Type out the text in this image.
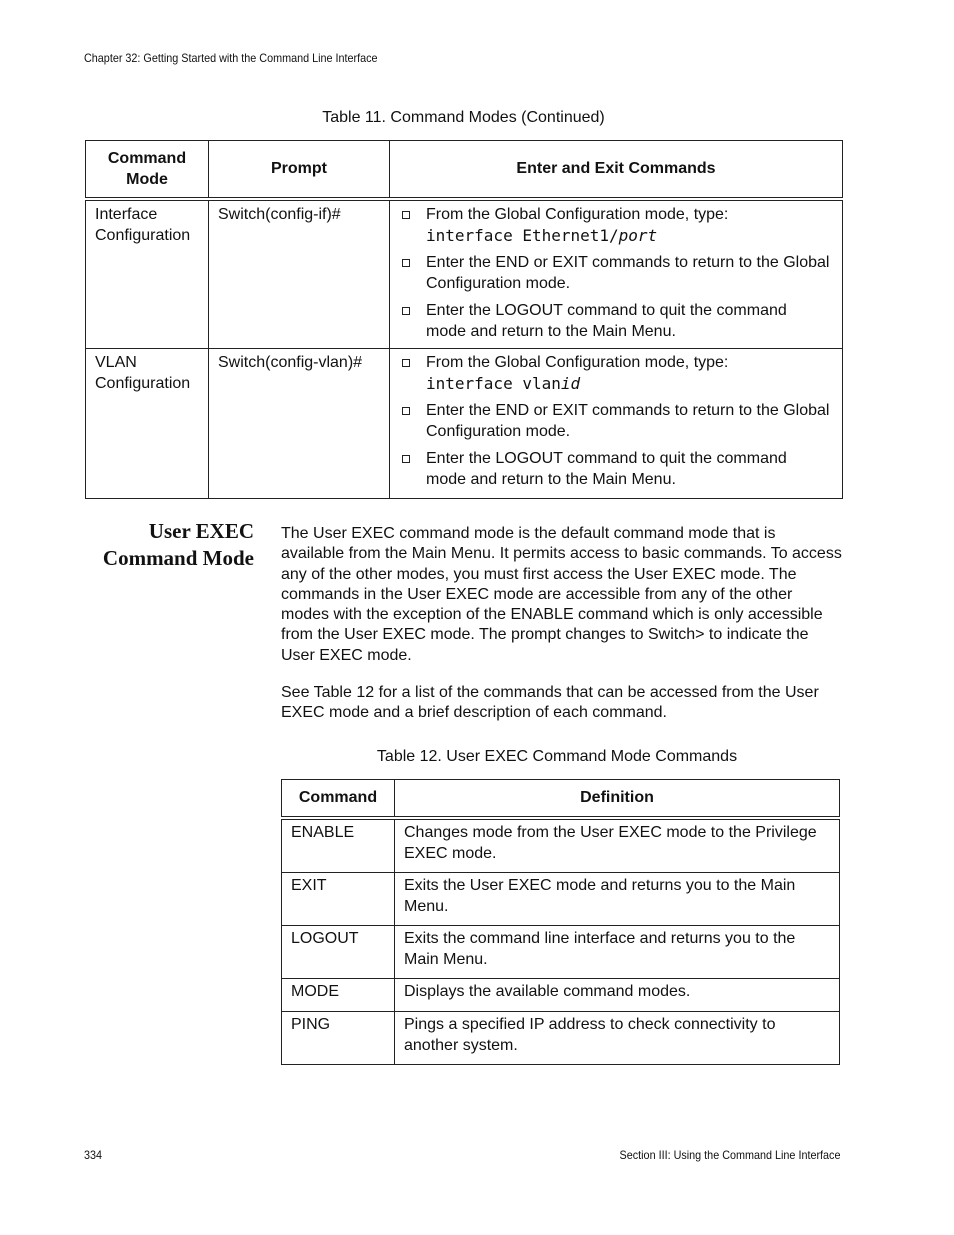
Chapter 32: Getting Started with the Command Line Interface
Table 11. Command Modes (Continued)
Command Mode	Prompt	Enter and Exit Commands
Interface Configuration	Switch(config-if)#	From the Global Configuration mode, type:
interface Ethernet1/port
Enter the END or EXIT commands to return to the Global Configuration mode.
Enter the LOGOUT command to quit the command mode and return to the Main Menu.

VLAN Configuration	Switch(config-vlan)#	From the Global Configuration mode, type:
interface vlanid
Enter the END or EXIT commands to return to the Global Configuration mode.
Enter the LOGOUT command to quit the command mode and return to the Main Menu.
User EXEC
Command Mode
The User EXEC command mode is the default command mode that is available from the Main Menu. It permits access to basic commands. To access any of the other modes, you must first access the User EXEC mode. The commands in the User EXEC mode are accessible from any of the other modes with the exception of the ENABLE command which is only accessible from the User EXEC mode. The prompt changes to Switch> to indicate the User EXEC mode.
See Table 12 for a list of the commands that can be accessed from the User EXEC mode and a brief description of each command.
Table 12. User EXEC Command Mode Commands
Command	Definition
ENABLE	Changes mode from the User EXEC mode to the Privilege EXEC mode.
EXIT	Exits the User EXEC mode and returns you to the Main Menu.
LOGOUT	Exits the command line interface and returns you to the Main Menu.
MODE	Displays the available command modes.
PING	Pings a specified IP address to check connectivity to another system.
334	Section III: Using the Command Line Interface
